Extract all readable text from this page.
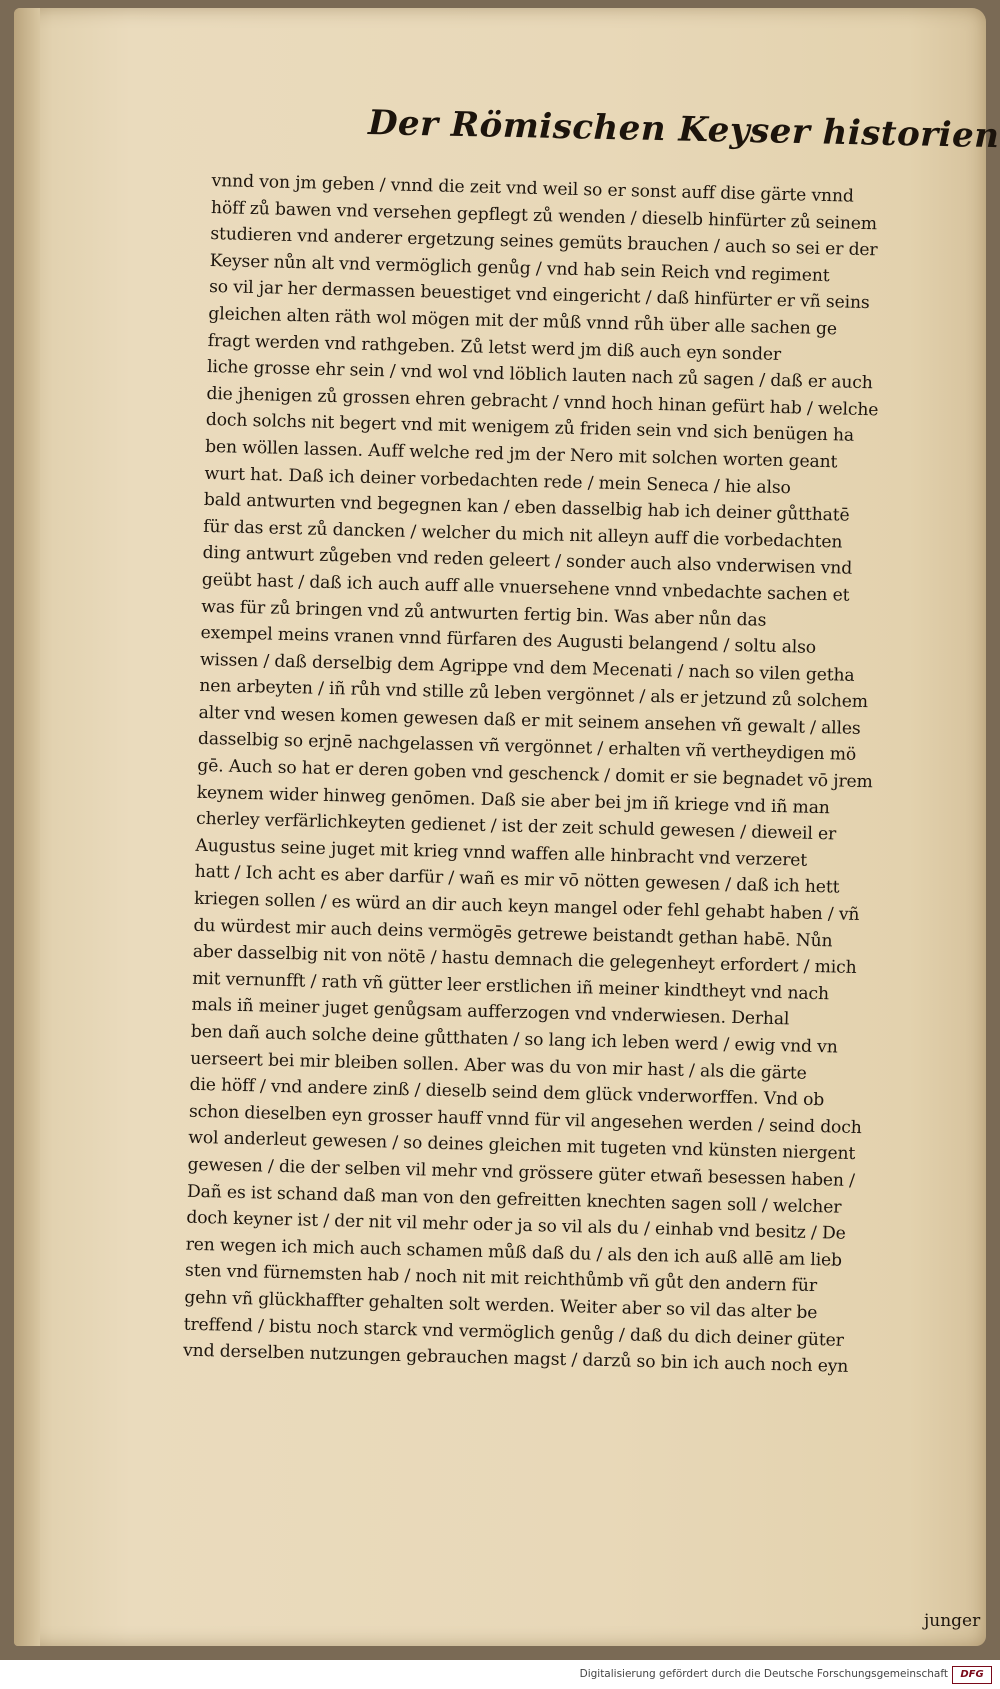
Der Römischen Keyser historien
vnnd von jm geben / vnnd die zeit vnd weil so er sonst auff dise gärte vnnd
höff zů bawen vnd versehen gepflegt zů wenden / dieselb hinfürter zů seinem
studieren vnd anderer ergetzung seines gemüts brauchen / auch so sei er der
Keyser nůn alt vnd vermöglich genůg / vnd hab sein Reich vnd regiment
so vil jar her dermassen beuestiget vnd eingericht / daß hinfürter er vñ seins
gleichen alten räth wol mögen mit der můß vnnd růh über alle sachen ge
fragt werden vnd rathgeben. Zů letst werd jm diß auch eyn sonder
liche grosse ehr sein / vnd wol vnd löblich lauten nach zů sagen / daß er auch
die jhenigen zů grossen ehren gebracht / vnnd hoch hinan gefürt hab / welche
doch solchs nit begert vnd mit wenigem zů friden sein vnd sich benügen ha
ben wöllen lassen. Auff welche red jm der Nero mit solchen worten geant
wurt hat. Daß ich deiner vorbedachten rede / mein Seneca / hie also
bald antwurten vnd begegnen kan / eben dasselbig hab ich deiner gůtthatē
für das erst zů dancken / welcher du mich nit alleyn auff die vorbedachten
ding antwurt zůgeben vnd reden geleert / sonder auch also vnderwisen vnd
geübt hast / daß ich auch auff alle vnuersehene vnnd vnbedachte sachen et
was für zů bringen vnd zů antwurten fertig bin. Was aber nůn das
exempel meins vranen vnnd fürfaren des Augusti belangend / soltu also
wissen / daß derselbig dem Agrippe vnd dem Mecenati / nach so vilen getha
nen arbeyten / iñ růh vnd stille zů leben vergönnet / als er jetzund zů solchem
alter vnd wesen komen gewesen daß er mit seinem ansehen vñ gewalt / alles
dasselbig so erjnē nachgelassen vñ vergönnet / erhalten vñ vertheydigen mö
gē. Auch so hat er deren goben vnd geschenck / domit er sie begnadet vō jrem
keynem wider hinweg genōmen. Daß sie aber bei jm iñ kriege vnd iñ man
cherley verfärlichkeyten gedienet / ist der zeit schuld gewesen / dieweil er
Augustus seine juget mit krieg vnnd waffen alle hinbracht vnd verzeret
hatt / Ich acht es aber darfür / wañ es mir vō nötten gewesen / daß ich hett
kriegen sollen / es würd an dir auch keyn mangel oder fehl gehabt haben / vñ
du würdest mir auch deins vermögēs getrewe beistandt gethan habē. Nůn
aber dasselbig nit von nötē / hastu demnach die gelegenheyt erfordert / mich
mit vernunfft / rath vñ gütter leer erstlichen iñ meiner kindtheyt vnd nach
mals iñ meiner juget genůgsam aufferzogen vnd vnderwiesen. Derhal
ben dañ auch solche deine gůtthaten / so lang ich leben werd / ewig vnd vn
uerseert bei mir bleiben sollen. Aber was du von mir hast / als die gärte
die höff / vnd andere zinß / dieselb seind dem glück vnderworffen. Vnd ob
schon dieselben eyn grosser hauff vnnd für vil angesehen werden / seind doch
wol anderleut gewesen / so deines gleichen mit tugeten vnd künsten niergent
gewesen / die der selben vil mehr vnd grössere güter etwañ besessen haben /
Dañ es ist schand daß man von den gefreitten knechten sagen soll / welcher
doch keyner ist / der nit vil mehr oder ja so vil als du / einhab vnd besitz / De
ren wegen ich mich auch schamen můß daß du / als den ich auß allē am lieb
sten vnd fürnemsten hab / noch nit mit reichthůmb vñ gůt den andern für
gehn vñ glückhaffter gehalten solt werden. Weiter aber so vil das alter be
treffend / bistu noch starck vnd vermöglich genůg / daß du dich deiner güter
vnd derselben nutzungen gebrauchen magst / darzů so bin ich auch noch eyn
junger
Digitalisierung gefördert durch die Deutsche Forschungsgemeinschaft	DFG
